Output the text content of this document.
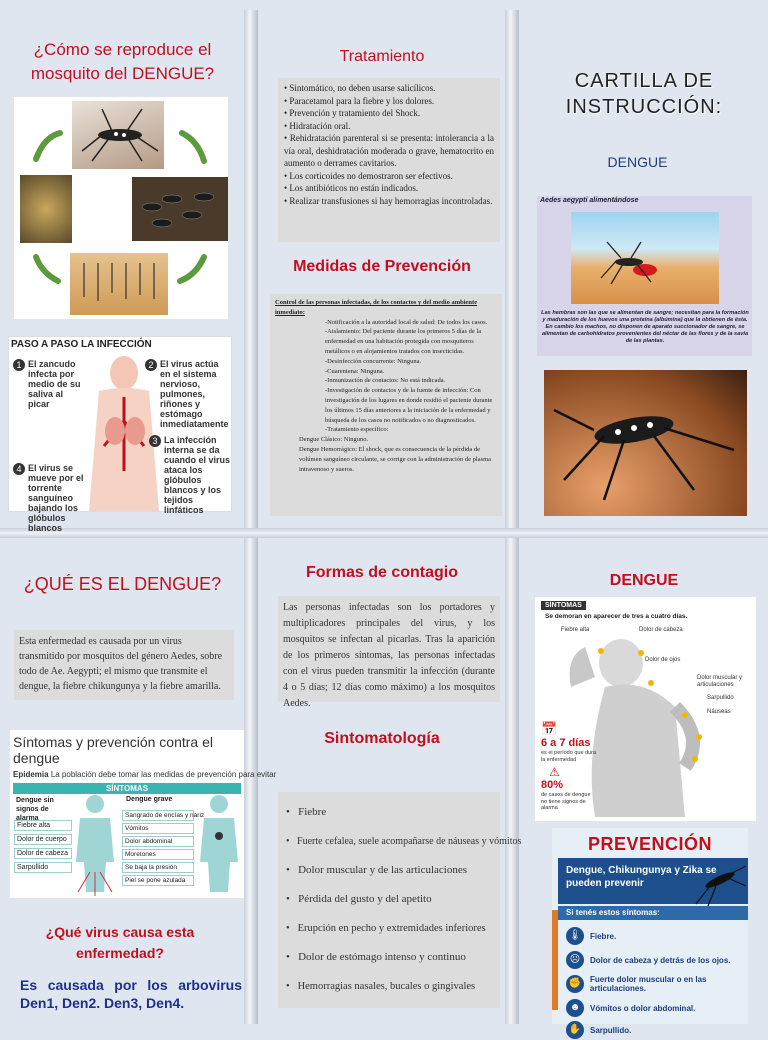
¿Cómo se reproduce el mosquito del DENGUE?
PASO A PASO LA INFECCIÓN
1 El zancudo infecta por medio de su saliva al picar
2 El virus actúa en el sistema nervioso, pulmones, riñones y estómago inmediatamente
3 La infección interna se da cuando el virus ataca los glóbulos blancos y los tejidos linfáticos
4 El virus se mueve por el torrente sanguíneo bajando los glóbulos blancos
¿QUÉ ES EL DENGUE?
Esta enfermedad es causada por un virus transmitido por mosquitos del género Aedes, sobre todo de Ae. Aegypti; el mismo que transmite el dengue, la fiebre chikungunya y la fiebre amarilla.
Síntomas y prevención contra el dengue
Epidemia La población debe tomar las medidas de prevención para evitar
SÍNTOMAS
Dengue sin signos de alarma
Fiebre alta
Dolor de cuerpo
Dolor de cabeza
Sarpullido
Dengue grave
Sangrado de encías y nariz
Vómitos
Dolor abdominal
Moretones
Se baja la presión
Piel se pone azulada
¿Qué virus causa esta enfermedad?
Es causada por los arbovirus Den1, Den2. Den3, Den4.
Tratamiento
• Sintomático, no deben usarse salicílicos.
• Paracetamol para la fiebre y los dolores.
• Prevención y tratamiento del Shock.
• Hidratación oral.
• Rehidratación parenteral si se presenta: intolerancia a la vía oral, deshidratación moderada o grave, hematocrito en aumento o derrames cavitarios.
• Los corticoides no demostraron ser efectivos.
• Los antibióticos no están indicados.
• Realizar transfusiones si hay hemorragias incontroladas.
Medidas de Prevención
Control de las personas infectadas, de los contactos y del medio ambiente inmediato:
-Notificación a la autoridad local de salud: De todos los casos.
-Aislamiento: Del paciente durante los primeros 5 días de la enfermedad en una habitación protegida con mosquiteros metálicos o en alojamientos tratados con insecticidas.
-Desinfección concurrente: Ninguna.
-Cuarentena: Ninguna.
-Inmunización de contactos: No está indicada.
-Investigación de contactos y de la fuente de infección: Con investigación de los lugares en donde residió el paciente durante los últimos 15 días anteriores a la iniciación de la enfermedad y búsqueda de los casos no notificados o no diagnosticados.
-Tratamiento específico:
Dengue Clásico: Ninguno.
Dengue Hemorrágico: El shock, que es consecuencia de la pérdida de volúmen sanguíneo circulante, se corrige con la administración de plasma intravenoso y sueros.
Formas de contagio
Las personas infectadas son los portadores y multiplicadores principales del virus, y los mosquitos se infectan al picarlas. Tras la aparición de los primeros síntomas, las personas infectadas con el virus pueden transmitir la infección (durante 4 o 5 días; 12 días como máximo) a los mosquitos Aedes.
Sintomatología
•   Fiebre
•   Fuerte cefalea, suele acompañarse de náuseas y vómitos
•   Dolor muscular y de las articulaciones
•   Pérdida del gusto y del apetito
•   Erupción en pecho y extremidades inferiores
•   Dolor de estómago intenso y continuo
•   Hemorragias nasales, bucales o gingivales
CARTILLA DE INSTRUCCIÓN:
DENGUE
Aedes aegypti alimentándose
Las hembras son las que se alimentan de sangre; necesitan para la formación y maduración de los huevos una proteína (albúmina) que la obtienen de ésta. En cambio los machos, no disponen de aparato succionador de sangre, se alimentan de carbohidratos provenientes del néctar de las flores y de la savia de las plantas.
DENGUE
SÍNTOMAS
Se demoran en aparecer de tres a cuatro días.
Fiebre alta	Dolor de cabeza
Dolor de ojos
Dolor muscular y articulaciones
Sarpullido
Náuseas
📅
6 a 7 días
es el período que dura la enfermedad
⚠
80%
de casos de dengue no tiene signos de alarma
PREVENCIÓN
Dengue, Chikungunya y Zika se pueden prevenir
Si tenés estos síntomas:
🌡	Fiebre.
☹	Dolor de cabeza y detrás de los ojos.
✊	Fuerte dolor muscular o en las articulaciones.
☻	Vómitos o dolor abdominal.
✋	Sarpullido.
